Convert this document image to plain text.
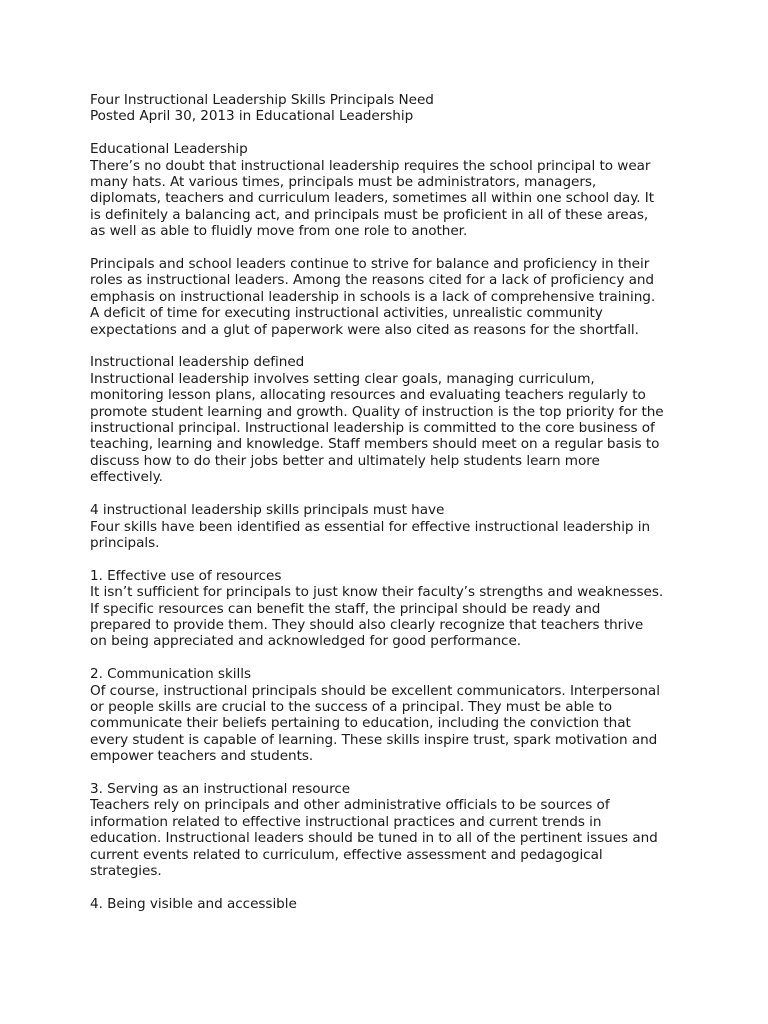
Four Instructional Leadership Skills Principals Need
Posted April 30, 2013 in Educational Leadership
Educational Leadership
There’s no doubt that instructional leadership requires the school principal to wear
many hats. At various times, principals must be administrators, managers,
diplomats, teachers and curriculum leaders, sometimes all within one school day. It
is definitely a balancing act, and principals must be proficient in all of these areas,
as well as able to fluidly move from one role to another.
Principals and school leaders continue to strive for balance and proficiency in their
roles as instructional leaders. Among the reasons cited for a lack of proficiency and
emphasis on instructional leadership in schools is a lack of comprehensive training.
A deficit of time for executing instructional activities, unrealistic community
expectations and a glut of paperwork were also cited as reasons for the shortfall.
Instructional leadership defined
Instructional leadership involves setting clear goals, managing curriculum,
monitoring lesson plans, allocating resources and evaluating teachers regularly to
promote student learning and growth. Quality of instruction is the top priority for the
instructional principal. Instructional leadership is committed to the core business of
teaching, learning and knowledge. Staff members should meet on a regular basis to
discuss how to do their jobs better and ultimately help students learn more
effectively.
4 instructional leadership skills principals must have
Four skills have been identified as essential for effective instructional leadership in
principals.
1. Effective use of resources
It isn’t sufficient for principals to just know their faculty’s strengths and weaknesses.
If specific resources can benefit the staff, the principal should be ready and
prepared to provide them. They should also clearly recognize that teachers thrive
on being appreciated and acknowledged for good performance.
2. Communication skills
Of course, instructional principals should be excellent communicators. Interpersonal
or people skills are crucial to the success of a principal. They must be able to
communicate their beliefs pertaining to education, including the conviction that
every student is capable of learning. These skills inspire trust, spark motivation and
empower teachers and students.
3. Serving as an instructional resource
Teachers rely on principals and other administrative officials to be sources of
information related to effective instructional practices and current trends in
education. Instructional leaders should be tuned in to all of the pertinent issues and
current events related to curriculum, effective assessment and pedagogical
strategies.
4. Being visible and accessible
